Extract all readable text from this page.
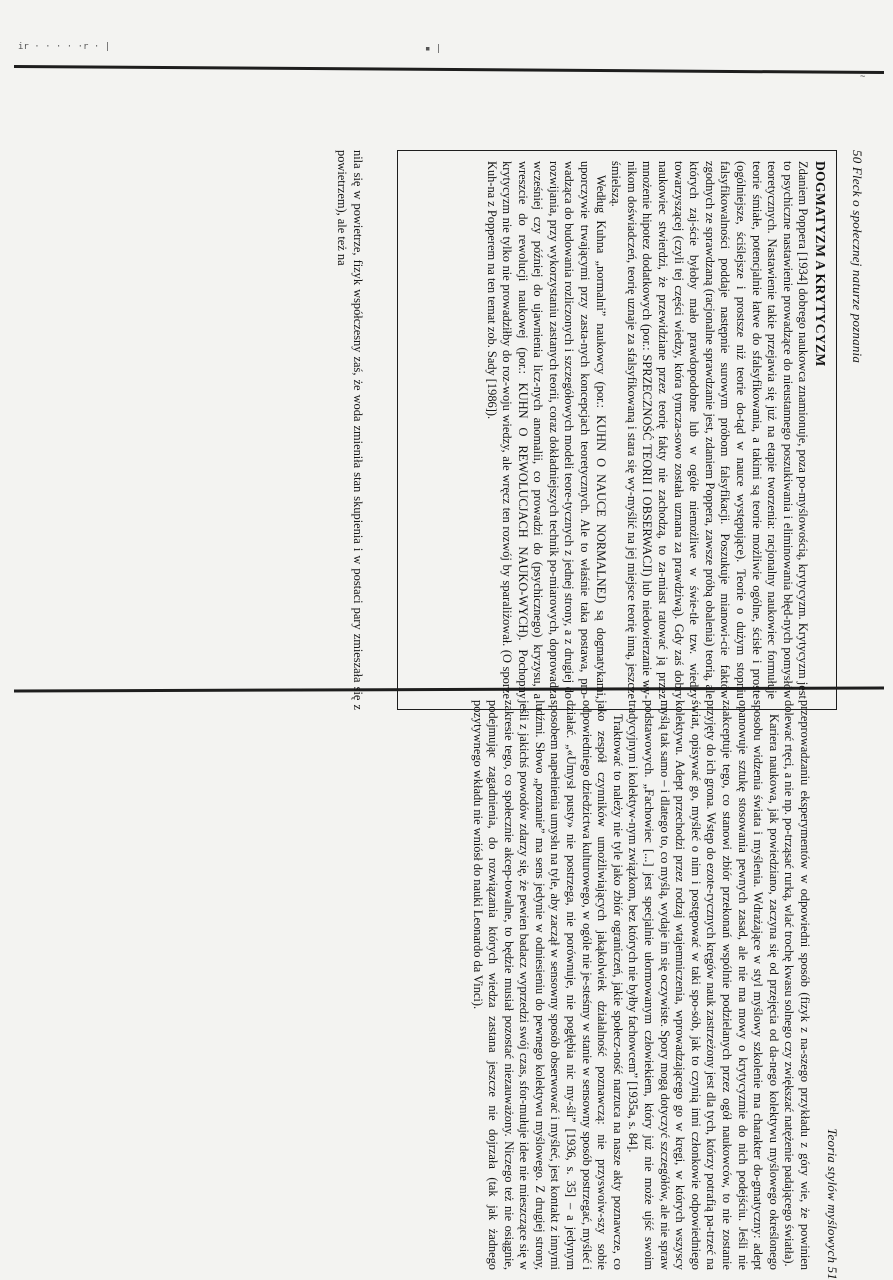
ir · · · · ·r · |	▪ |
~
50 Fleck o społecznej naturze poznania
DOGMATYZM A KRYTYCYZM

Zdaniem Poppera [1934] dobrego naukowca znamionuje, poza po-myślowością, krytycyzm. Krytycyzm jest to psychiczne nastawienie prowadzące do nieustannego poszukiwania i eliminowania błęd-nych pomysłów teoretycznych. Nastawienie takie przejawia się już na etapie tworzenia: racjonalny naukowiec formułuje teorie śmiałe, potencjalnie łatwe do sfalsyfikowania, a takimi są teorie możliwie ogólne, ścisłe i proste (ogólniejsze, ściślejsze i prostsze niż teorie do-tąd w nauce występujące). Teorie o dużym stopniu falsyfikowalności poddaje następnie surowym próbom falsyfikacji. Poszukuje mianowi-cie faktów zgodnych ze sprawdzaną (racjonalne sprawdzanie jest, zdaniem Poppera, zawsze próbą obalenia) teorią, ale których zaj-ście byłoby mało prawdopodobne lub w ogóle niemożliwe w świe-tle tzw. wiedzy towarzyszącej (czyli tej części wiedzy, która tymcza-sowo została uznana za prawdziwą). Gdy zaś dobry naukowiec stwierdzi, że przewidziane przez teorię fakty nie zachodzą, to za-miast ratować ją przez mnożenie hipotez dodatkowych (por.: SPRZECZNOŚĆ TEORII I OBSERWACJI) lub niedowierzanie wy-nikom doświadczeń, teorię uznaje za sfalsyfikowaną i stara się wy-myślić na jej miejsce teorię inną, jeszcze śmielszą.

Według Kuhna „normalni” naukowcy (por.: KUHN O NAUCE NORMALNEJ) są dogmatykami, uporczywie trwającymi przy zasta-nych koncepcjach teoretycznych. Ale to właśnie taka postawa, pro-wadząca do budowania rozliczonych i szczegółowych modeli teore-tycznych z jednej strony, a z drugiej do rozwijania, przy wykorzystaniu zastanych teorii, coraz dokładniejszych technik po-miarowych, doprowadza wcześniej czy później do ujawnienia licz-nych anomalii, co prowadzi do (psychicznego) kryzysu, a wreszcie do rewolucji naukowej (por.: KUHN O REWOLUCJACH NAUKO-WYCH). Pochopny krytycyzm nie tylko nie prowadziłby do roz-woju wiedzy, ale wręcz ten rozwój by sparaliżował. (O sporze Kuh-na z Popperem na ten temat zob. Sady [1986]).

nila się w powietrze, fizyk współczesny zaś, że woda zmieniła stan skupienia i w postaci pary zmieszała się z powietrzem), ale też na
Teoria stylów myślowych 51

przeprowadzaniu eksperymentów w odpowiedni sposób (fizyk z na-szego przykładu z góry wie, że powinien dolewać rtęci, a nie np. po-trząsać rurką, wlać trochę kwasu solnego czy zwiększać natężenie padającego światła).

Kariera naukowa, jak powiedziano, zaczyna się od przejęcia od da-nego kolektywu myślowego określonego sposobu widzenia świata i myślenia. Wdrażające w styl myślowy szkolenie ma charakter do-gmatyczny: adept opanowuje sztukę stosowania pewnych zasad, ale nie ma mowy o krytycyzmie do nich podejściu. Jeśli nie zaakceptuje tego, co stanowi zbiór przekonań wspólnie podzielanych przez ogół naukowców, to nie zostanie przyjęty do ich grona. Wstęp do ezote-rycznych kręgów nauk zastrzeżony jest dla tych, którzy potrafią pa-trzeć na świat, opisywać go, myśleć o nim i postępować w taki spo-sób, jak to czynią inni członkowie odpowiedniego kolektywu. Adept przechodzi przez rodzaj wtajemniczenia, wprowadzającego go w kręgi, w których wszyscy myślą tak samo – i dlatego to, co myślą, wydaje im się oczywiste. Spory mogą dotyczyć szczegółów, ale nie spraw podstawowych. „Fachowiec [...] jest specjalnie ułormowanym człowiekiem, który już nie może ujść swoim tradycyjnym i kolektyw-nym związkom, bez których nie byłby fachowcem” [1935a, s. 84].

Traktować to należy nie tyle jako zbiór ograniczeń, jakie społecz-ność narzuca na nasze akty poznawcze, co jako zespół czynników umożliwiających jakąkolwiek działalność poznawczą: nie przyswoiw-szy sobie odpowiedniego dziedzictwa kulturowego, w ogóle nie je-steśmy w stanie w sensowny sposób postrzegać, myśleć i działać. „«Umysł pusty» nie postrzega, nie porównuje, nie pogłębia nic my-śli” [1936, s. 35] – a jedynym sposobem napełnienia umysłu na tyle, aby zaczął w sensowny sposób obserwować i myśleć, jest kontakt z innymi ludźmi. Słowo „poznanie” ma sens jedynie w odniesieniu do pewnego kolektywu myślowego. Z drugiej strony, jeśli z jakichś powodów zdarzy się, że pewien badacz wyprzedzi swój czas, sfor-mułuje idee nie mieszczące się w zakresie tego, co społecznie akcep-towalne, to będzie musiał pozostać niezauważony. Niczego też nie osiągnie, podejmując zagadnienia, do rozwiązania których wiedza zastana jeszcze nie dojrzała (tak jak żadnego pozytywnego wkładu nie wniósł do nauki Leonardo da Vinci).
